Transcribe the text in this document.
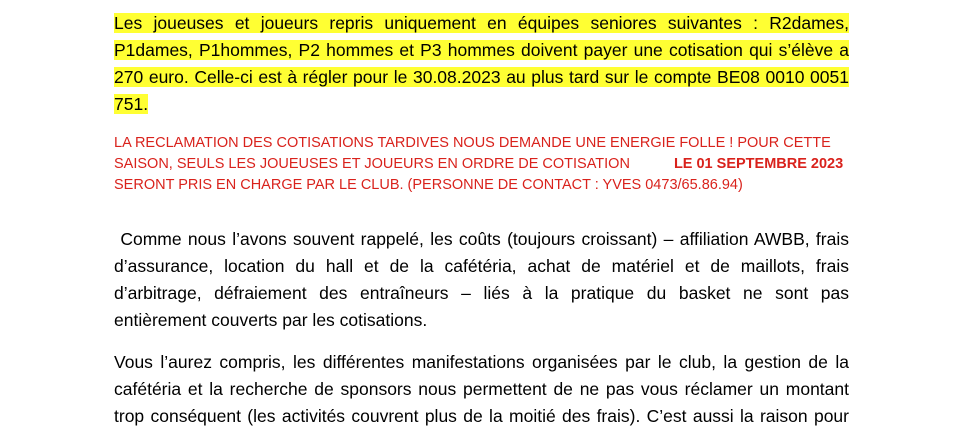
Les joueuses et joueurs repris uniquement en équipes seniores suivantes : R2dames,
P1dames, P1hommes, P2 hommes et P3 hommes doivent payer une cotisation qui s’élève a
270 euro. Celle-ci est à régler pour le 30.08.2023 au plus tard sur le compte BE08 0010 0051
751.
LA RECLAMATION DES COTISATIONS TARDIVES NOUS DEMANDE UNE ENERGIE FOLLE ! POUR CETTE
SAISON, SEULS LES JOUEUSES ET JOUEURS EN ORDRE DE COTISATION	LE 01 SEPTEMBRE 2023
SERONT PRIS EN CHARGE PAR LE CLUB. (PERSONNE DE CONTACT : YVES 0473/65.86.94)
Comme nous l’avons souvent rappelé, les coûts (toujours croissant) – affiliation AWBB, frais
d’assurance, location du hall et de la cafétéria, achat de matériel et de maillots, frais
d’arbitrage, défraiement des entraîneurs – liés à la pratique du basket ne sont pas
entièrement couverts par les cotisations.
Vous l’aurez compris, les différentes manifestations organisées par le club, la gestion de la
cafétéria et la recherche de sponsors nous permettent de ne pas vous réclamer un montant
trop conséquent (les activités couvrent plus de la moitié des frais). C’est aussi la raison pour
